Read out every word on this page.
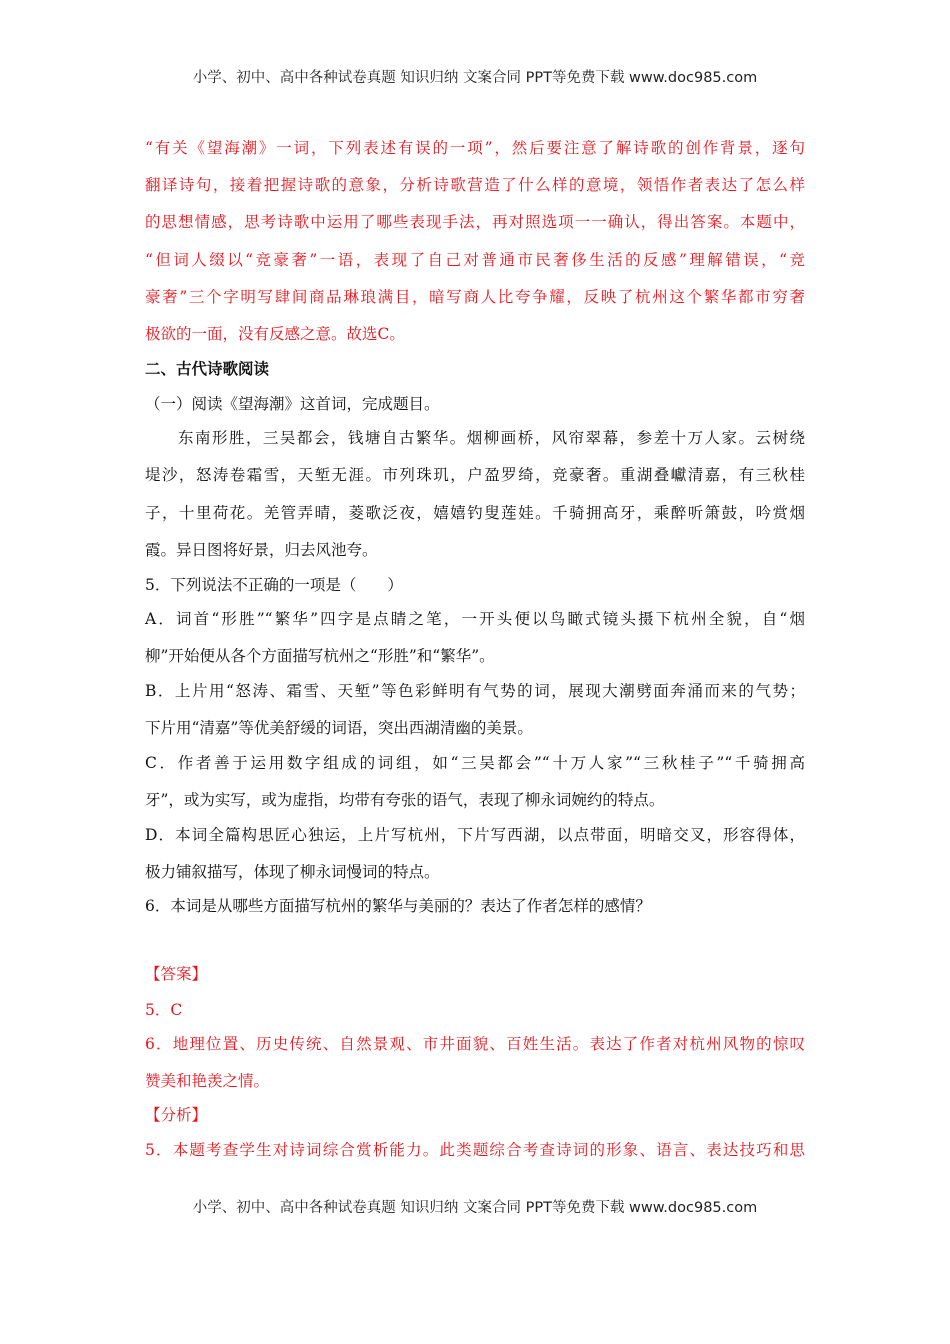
小学、初中、高中各种试卷真题 知识归纳 文案合同 PPT等免费下载 www.doc985.com
“有关《望海潮》一词，下列表述有误的一项”，然后要注意了解诗歌的创作背景，逐句
翻译诗句，接着把握诗歌的意象，分析诗歌营造了什么样的意境，领悟作者表达了怎么样
的思想情感，思考诗歌中运用了哪些表现手法，再对照选项一一确认，得出答案。本题中，
“但词人缀以“竞豪奢”一语，表现了自己对普通市民奢侈生活的反感”理解错误，“竞
豪奢”三个字明写肆间商品琳琅满目，暗写商人比夸争耀，反映了杭州这个繁华都市穷奢
极欲的一面，没有反感之意。故选C。
二、古代诗歌阅读
（一）阅读《望海潮》这首词，完成题目。
东南形胜，三吴都会，钱塘自古繁华。烟柳画桥，风帘翠幕，参差十万人家。云树绕
堤沙，怒涛卷霜雪，天堑无涯。市列珠玑，户盈罗绮，竞豪奢。重湖叠巘清嘉，有三秋桂
子，十里荷花。羌管弄晴，菱歌泛夜，嬉嬉钓叟莲娃。千骑拥高牙，乘醉听箫鼓，吟赏烟
霞。异日图将好景，归去风池夸。
5．下列说法不正确的一项是（　　）
A．词首“形胜”“繁华”四字是点睛之笔，一开头便以鸟瞰式镜头摄下杭州全貌，自“烟
柳”开始便从各个方面描写杭州之“形胜”和“繁华”。
B．上片用“怒涛、霜雪、天堑”等色彩鲜明有气势的词，展现大潮劈面奔涌而来的气势；
下片用“清嘉”等优美舒缓的词语，突出西湖清幽的美景。
C．作者善于运用数字组成的词组，如“三吴都会”“十万人家”“三秋桂子”“千骑拥高
牙”，或为实写，或为虚指，均带有夸张的语气，表现了柳永词婉约的特点。
D．本词全篇构思匠心独运，上片写杭州，下片写西湖，以点带面，明暗交叉，形容得体，
极力铺叙描写，体现了柳永词慢词的特点。
6．本词是从哪些方面描写杭州的繁华与美丽的？表达了作者怎样的感情？
【答案】
5．C
6．地理位置、历史传统、自然景观、市井面貌、百姓生活。表达了作者对杭州风物的惊叹
赞美和艳羡之情。
【分析】
5．本题考查学生对诗词综合赏析能力。此类题综合考查诗词的形象、语言、表达技巧和思
小学、初中、高中各种试卷真题 知识归纳 文案合同 PPT等免费下载 www.doc985.com
